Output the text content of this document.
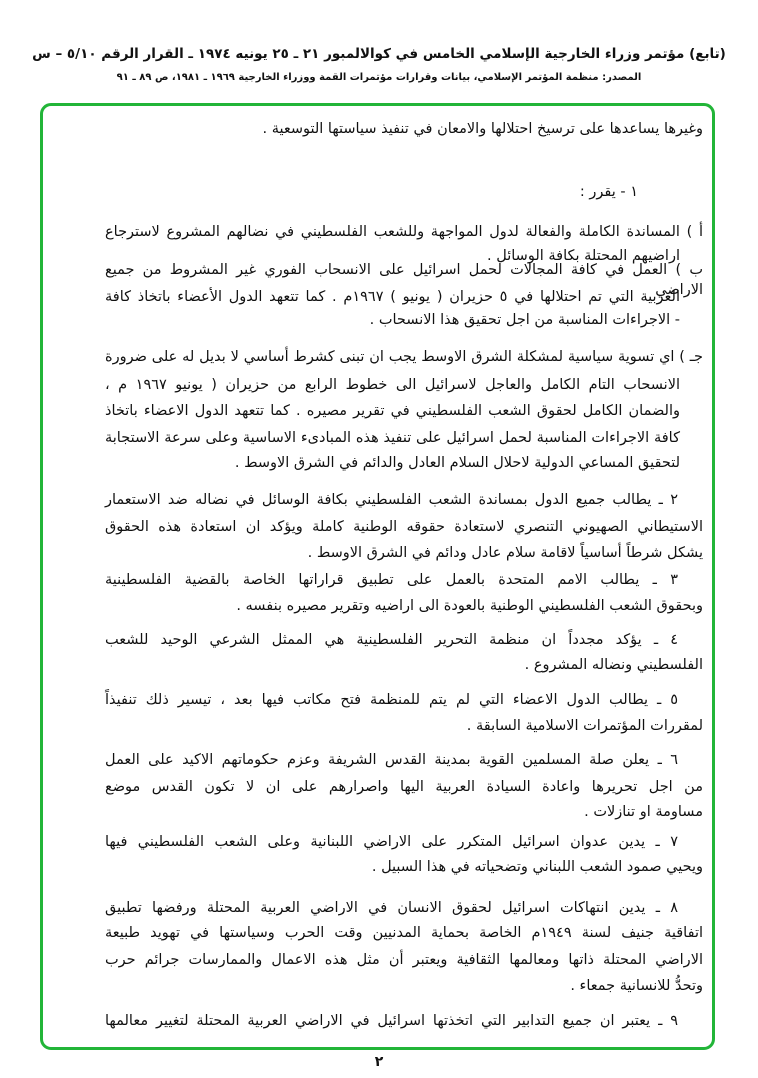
(تابع) مؤتمر وزراء الخارجية الإسلامي الخامس في كوالالمبور ٢١ ـ ٢٥ يونيه ١٩٧٤ ـ القرار الرقم ٥/١٠ – س
المصدر: منظمة المؤتمر الإسلامي، بيانات وقرارات مؤتمرات القمة ووزراء الخارجية ١٩٦٩ ـ ١٩٨١، ص ٨٩ ـ ٩١
وغيرها يساعدها على ترسيخ احتلالها والامعان في تنفيذ سياستها التوسعية .
١ - يقرر :
أ ) المساندة الكاملة والفعالة لدول المواجهة وللشعب الفلسطيني في نضالهم المشروع لاسترجاع
اراضيهم المحتلة بكافة الوسائل .
ب ) العمل في كافة المجالات لحمل اسرائيل على الانسحاب الفوري غير المشروط من جميع الاراضي
العربية التي تم احتلالها في ٥ حزيران ( يونيو ) ١٩٦٧م . كما تتعهد الدول الأعضاء باتخاذ كافة
- الاجراءات المناسبة من اجل تحقيق هذا الانسحاب .
جـ ) اي تسوية سياسية لمشكلة الشرق الاوسط يجب ان تبنى كشرط أساسي لا بديل له على ضرورة
الانسحاب التام الكامل والعاجل لاسرائيل الى خطوط الرابع من حزيران ( يونيو ١٩٦٧ م ،
والضمان الكامل لحقوق الشعب الفلسطيني في تقرير مصيره . كما تتعهد الدول الاعضاء باتخاذ
كافة الاجراءات المناسبة لحمل اسرائيل على تنفيذ هذه المبادىء الاساسية وعلى سرعة الاستجابة
لتحقيق المساعي الدولية لاحلال السلام العادل والدائم في الشرق الاوسط .
٢ ـ يطالب جميع الدول بمساندة الشعب الفلسطيني بكافة الوسائل في نضاله ضد الاستعمار
الاستيطاني الصهيوني التنصري لاستعادة حقوقه الوطنية كاملة ويؤكد ان استعادة هذه الحقوق
يشكل شرطاً أساسياً لاقامة سلام عادل ودائم في الشرق الاوسط .
٣ ـ يطالب الامم المتحدة بالعمل على تطبيق قراراتها الخاصة بالقضية الفلسطينية
وبحقوق الشعب الفلسطيني الوطنية بالعودة الى اراضيه وتقرير مصيره بنفسه .
٤ ـ يؤكد مجدداً ان منظمة التحرير الفلسطينية هي الممثل الشرعي الوحيد للشعب
الفلسطيني ونضاله المشروع .
٥ ـ يطالب الدول الاعضاء التي لم يتم للمنظمة فتح مكاتب فيها بعد ، تيسير ذلك تنفيذاً
لمقررات المؤتمرات الاسلامية السابقة .
٦ ـ يعلن صلة المسلمين القوية بمدينة القدس الشريفة وعزم حكوماتهم الاكيد على العمل
من اجل تحريرها واعادة السيادة العربية اليها واصرارهم على ان لا تكون القدس موضع
مساومة او تنازلات .
٧ ـ يدين عدوان اسرائيل المتكرر على الاراضي اللبنانية وعلى الشعب الفلسطيني فيها
ويحيي صمود الشعب اللبناني وتضحياته في هذا السبيل .
٨ ـ يدين انتهاكات اسرائيل لحقوق الانسان في الاراضي العربية المحتلة ورفضها تطبيق
اتفاقية جنيف لسنة ١٩٤٩م الخاصة بحماية المدنيين وقت الحرب وسياستها في تهويد طبيعة
الاراضي المحتلة ذاتها ومعالمها الثقافية ويعتبر أن مثل هذه الاعمال والممارسات جرائم حرب
وتحدُّ للانسانية جمعاء .
٩ ـ يعتبر ان جميع التدابير التي اتخذتها اسرائيل في الاراضي العربية المحتلة لتغيير معالمها
٢
